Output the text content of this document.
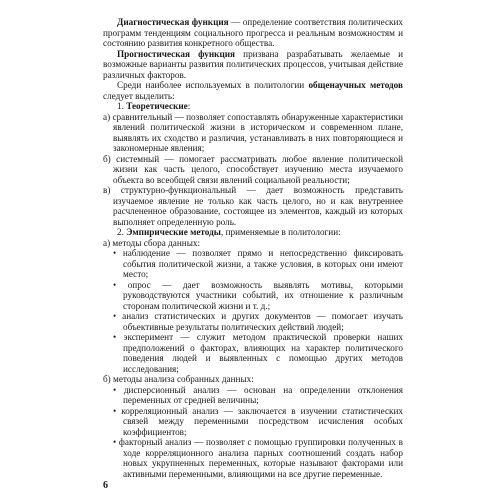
Диагностическая функция — определение соответствия политических программ тенденциям социального прогресса и реальным возможностям и состоянию развития конкретного общества.

Прогностическая функция призвана разрабатывать желаемые и возможные варианты развития политических процессов, учитывая действие различных факторов.

Среди наиболее используемых в политологии общенаучных методов следует выделить:

1. Теоретические:

а) сравнительный — позволяет сопоставлять обнаруженные характеристики явлений политической жизни в историческом и современном плане, выявлять их сходство и различия, устанавливать в них повторяющиеся и закономерные явления;

б) системный — помогает рассматривать любое явление политической жизни как часть целого, способствует изучению места изучаемого объекта во всеобщей связи явлений социальной реальности;

в) структурно-функциональный — дает возможность представить изучаемое явление не только как часть целого, но и как внутреннее расчлененное образование, состоящее из элементов, каждый из которых выполняет определенную роль.

2. Эмпирические методы, применяемые в политологии:

а) методы сбора данных:

• наблюдение — позволяет прямо и непосредственно фиксировать события политической жизни, а также условия, в которых они имеют место;

• опрос — дает возможность выявлять мотивы, которыми руководствуются участники событий, их отношение к различным сторонам политической жизни и т. д.;

• анализ статистических и других документов — помогает изучать объективные результаты политических действий людей;

• эксперимент — служит методом практической проверки наших предположений о факторах, влияющих на характер политического поведения людей и выявленных с помощью других методов исследования;

б) методы анализа собранных данных:

• дисперсионный анализ — основан на определении отклонения переменных от средней величины;

• корреляционный анализ — заключается в изучении статистических связей между переменными посредством исчисления особых коэффициентов;

• факторный анализ — позволяет с помощью группировки полученных в ходе корреляционного анализа парных соотношений создать набор новых укрупненных переменных, которые называют факторами или активными переменными, влияющими на все другие переменные.

6
